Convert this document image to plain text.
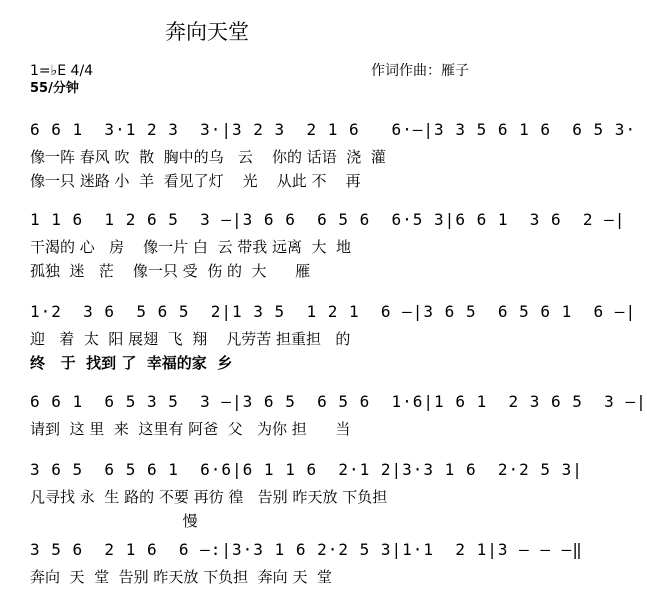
奔向天堂
1=♭E 4/4
55/分钟
作词作曲：雁子
6 6 1  3·1 2 3  3·|3 2 3  2 1 6   6·–|3 3 5 6 1 6  6 5 3·
像一阵 春风 吹  散  胸中的乌   云    你的 话语  浇  灌
像一只 迷路 小  羊  看见了灯    光    从此 不    再
1 1 6  1 2 6 5  3 –|3 6 6  6 5 6  6·5 3|6 6 1  3 6  2 –|
干渴的 心   房    像一片 白  云 带我 远离  大  地
孤独  迷   茫    像一只 受  伤 的  大      雁
1·2  3 6  5 6 5  2|1 3 5  1 2 1  6 –|3 6 5  6 5 6 1  6 –|
迎   着  太  阳 展翅  飞  翔    凡劳苦 担重担   的
终   于  找到 了  幸福的家  乡
6 6 1  6 5 3 5  3 –|3 6 5  6 5 6  1·6|1 6 1  2 3 6 5  3 –|
请到  这 里  来  这里有 阿爸  父   为你 担      当
3 6 5  6 5 6 1  6·6|6 1 1 6  2·1 2|3·3 1 6  2·2 5 3|
凡寻找 永  生 路的 不要 再彷 徨   告别 昨天放 下负担
慢
3 5 6  2 1 6  6 –:|3·3 1 6 2·2 5 3|1·1  2 1|3 – – –‖
奔向  天  堂  告别 昨天放 下负担  奔向 天  堂
